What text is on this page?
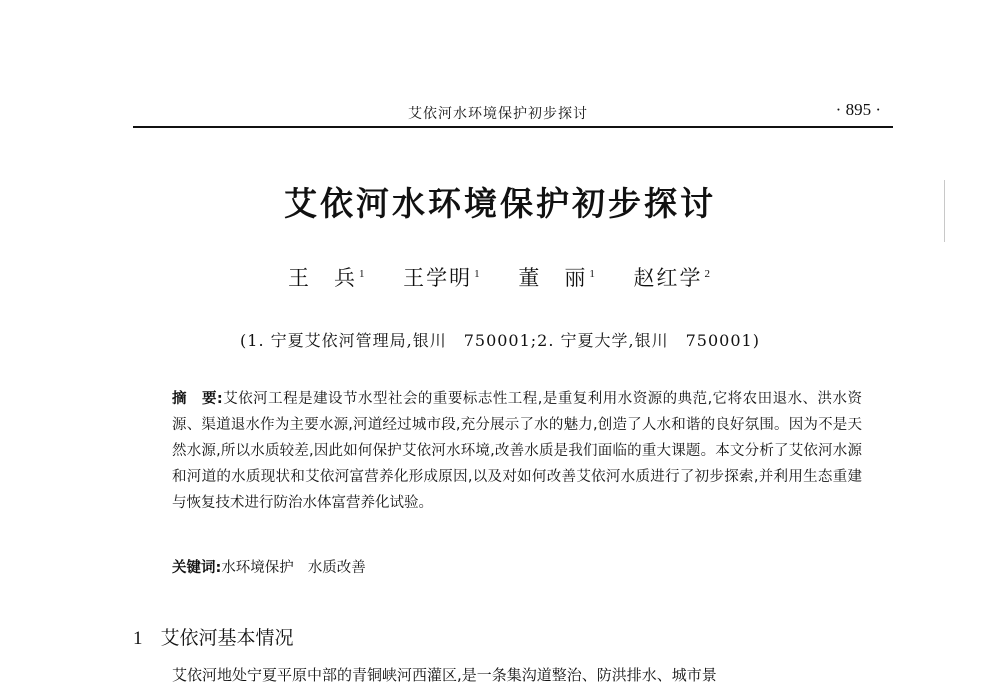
艾依河水环境保护初步探讨	· 895 ·
艾依河水环境保护初步探讨
王　兵 $^1$ 王学明 $^1$ 董　丽 $^1$ 赵红学 $^2$
(1. 宁夏艾依河管理局,银川　750001;2. 宁夏大学,银川　750001)
摘　要:艾依河工程是建设节水型社会的重要标志性工程,是重复利用水资源的典范,它将农田退水、洪水资源、渠道退水作为主要水源,河道经过城市段,充分展示了水的魅力,创造了人水和谐的良好氛围。因为不是天然水源,所以水质较差,因此如何保护艾依河水环境,改善水质是我们面临的重大课题。本文分析了艾依河水源和河道的水质现状和艾依河富营养化形成原因,以及对如何改善艾依河水质进行了初步探索,并利用生态重建与恢复技术进行防治水体富营养化试验。
关键词:水环境保护 水质改善
1 艾依河基本情况
艾依河地处宁夏平原中部的青铜峡河西灌区,是一条集沟道整治、防洪排水、城市景
